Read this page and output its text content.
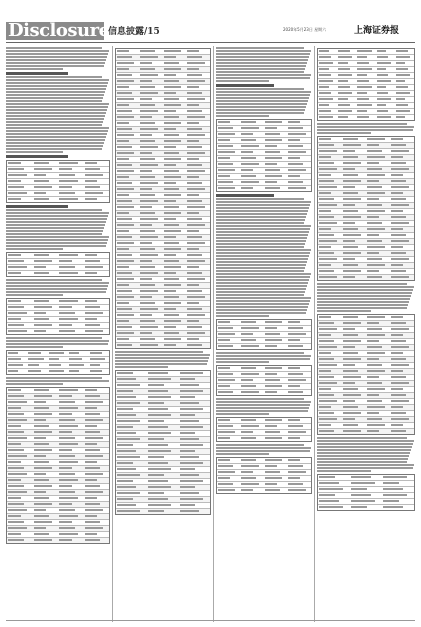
Disclosure
信息披露/15	2020年5月23日 星期六	上海证券报
